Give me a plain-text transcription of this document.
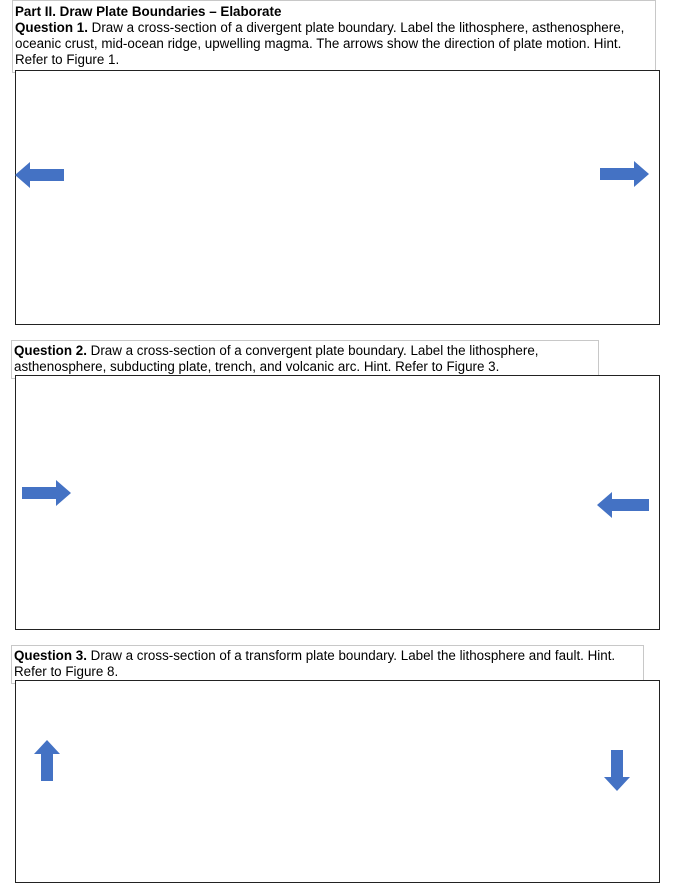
Part II. Draw Plate Boundaries – Elaborate
Question 1. Draw a cross-section of a divergent plate boundary. Label the lithosphere, asthenosphere, oceanic crust, mid-ocean ridge, upwelling magma. The arrows show the direction of plate motion. Hint. Refer to Figure 1.
Question 2. Draw a cross-section of a convergent plate boundary. Label the lithosphere, asthenosphere, subducting plate, trench, and volcanic arc. Hint. Refer to Figure 3.
Question 3. Draw a cross-section of a transform plate boundary. Label the lithosphere and fault. Hint. Refer to Figure 8.
